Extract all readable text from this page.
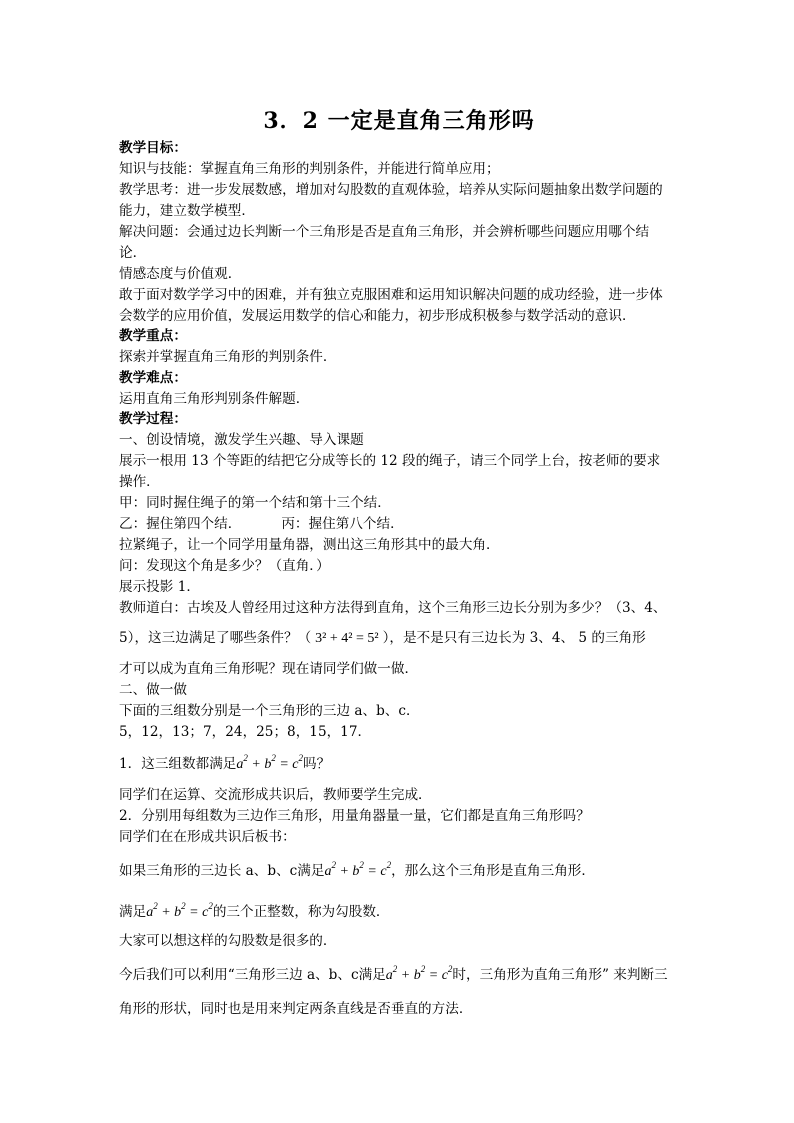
3．2 一定是直角三角形吗
教学目标：
知识与技能：掌握直角三角形的判别条件，并能进行简单应用；
教学思考：进一步发展数感，增加对勾股数的直观体验，培养从实际问题抽象出数学问题的
能力，建立数学模型．
解决问题：会通过边长判断一个三角形是否是直角三角形，并会辨析哪些问题应用哪个结
论．
情感态度与价值观．
敢于面对数学学习中的困难，并有独立克服困难和运用知识解决问题的成功经验，进一步体
会数学的应用价值，发展运用数学的信心和能力，初步形成积极参与数学活动的意识．
教学重点：
探索并掌握直角三角形的判别条件．
教学难点：
运用直角三角形判别条件解题．
教学过程：
一、创设情境，激发学生兴趣、导入课题
展示一根用 13 个等距的结把它分成等长的 12 段的绳子，请三个同学上台，按老师的要求
操作．
甲：同时握住绳子的第一个结和第十三个结．
乙：握住第四个结．	丙：握住第八个结．
拉紧绳子，让一个同学用量角器，测出这三角形其中的最大角．
问：发现这个角是多少？（直角．）
展示投影 1．
教师道白：古埃及人曾经用过这种方法得到直角，这个三角形三边长分别为多少？（3、4、
5），这三边满足了哪些条件？（ 3² + 4² = 5² ），是不是只有三边长为 3、4、 5 的三角形
才可以成为直角三角形呢？现在请同学们做一做．
二、做一做
下面的三组数分别是一个三角形的三边 a、b、c．
5，12，13；7，24，25；8，15，17．
1．这三组数都满足$a^2 + b^2 = c^2$吗？
同学们在运算、交流形成共识后，教师要学生完成．
2．分别用每组数为三边作三角形，用量角器量一量，它们都是直角三角形吗？
同学们在在形成共识后板书：
如果三角形的三边长 a、b、c满足$a^2 + b^2 = c^2$，那么这个三角形是直角三角形．
满足$a^2 + b^2 = c^2$的三个正整数，称为勾股数．
大家可以想这样的勾股数是很多的．
今后我们可以利用“三角形三边 a、b、c满足$a^2 + b^2 = c^2$时，三角形为直角三角形” 来判断三
角形的形状，同时也是用来判定两条直线是否垂直的方法．
